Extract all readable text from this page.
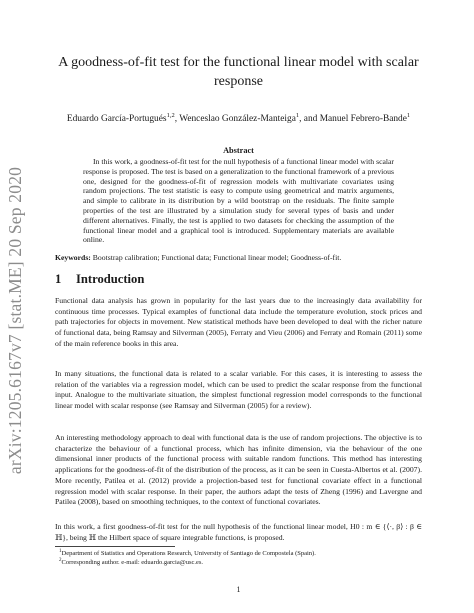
arXiv:1205.6167v7 [stat.ME] 20 Sep 2020
A goodness-of-fit test for the functional linear model with scalar response
Eduardo García-Portugués$^{1,2}$, Wenceslao González-Manteiga$^1$, and Manuel Febrero-Bande$^1$
Abstract
In this work, a goodness-of-fit test for the null hypothesis of a functional linear model with scalar response is proposed. The test is based on a generalization to the functional framework of a previous one, designed for the goodness-of-fit of regression models with multivariate covariates using random projections. The test statistic is easy to compute using geometrical and matrix arguments, and simple to calibrate in its distribution by a wild bootstrap on the residuals. The finite sample properties of the test are illustrated by a simulation study for several types of basis and under different alternatives. Finally, the test is applied to two datasets for checking the assumption of the functional linear model and a graphical tool is introduced. Supplementary materials are available online.
Keywords: Bootstrap calibration; Functional data; Functional linear model; Goodness-of-fit.
1 Introduction
Functional data analysis has grown in popularity for the last years due to the increasingly data availability for continuous time processes. Typical examples of functional data include the temperature evolution, stock prices and path trajectories for objects in movement. New statistical methods have been developed to deal with the richer nature of functional data, being Ramsay and Silverman (2005), Ferraty and Vieu (2006) and Ferraty and Romain (2011) some of the main reference books in this area.
In many situations, the functional data is related to a scalar variable. For this cases, it is interesting to assess the relation of the variables via a regression model, which can be used to predict the scalar response from the functional input. Analogue to the multivariate situation, the simplest functional regression model corresponds to the functional linear model with scalar response (see Ramsay and Silverman (2005) for a review).
An interesting methodology approach to deal with functional data is the use of random projections. The objective is to characterize the behaviour of a functional process, which has infinite dimension, via the behaviour of the one dimensional inner products of the functional process with suitable random functions. This method has interesting applications for the goodness-of-fit of the distribution of the process, as it can be seen in Cuesta-Albertos et al. (2007). More recently, Patilea et al. (2012) provide a projection-based test for functional covariate effect in a functional regression model with scalar response. In their paper, the authors adapt the tests of Zheng (1996) and Lavergne and Patilea (2008), based on smoothing techniques, to the context of functional covariates.
In this work, a first goodness-of-fit test for the null hypothesis of the functional linear model, H0 : m ∈ {⟨·, β⟩ : β ∈ ℍ}, being ℍ the Hilbert space of square integrable functions, is proposed.
$^1$Department of Statistics and Operations Research, University of Santiago de Compostela (Spain).
$^2$Corresponding author. e-mail: eduardo.garcia@usc.es.
1
